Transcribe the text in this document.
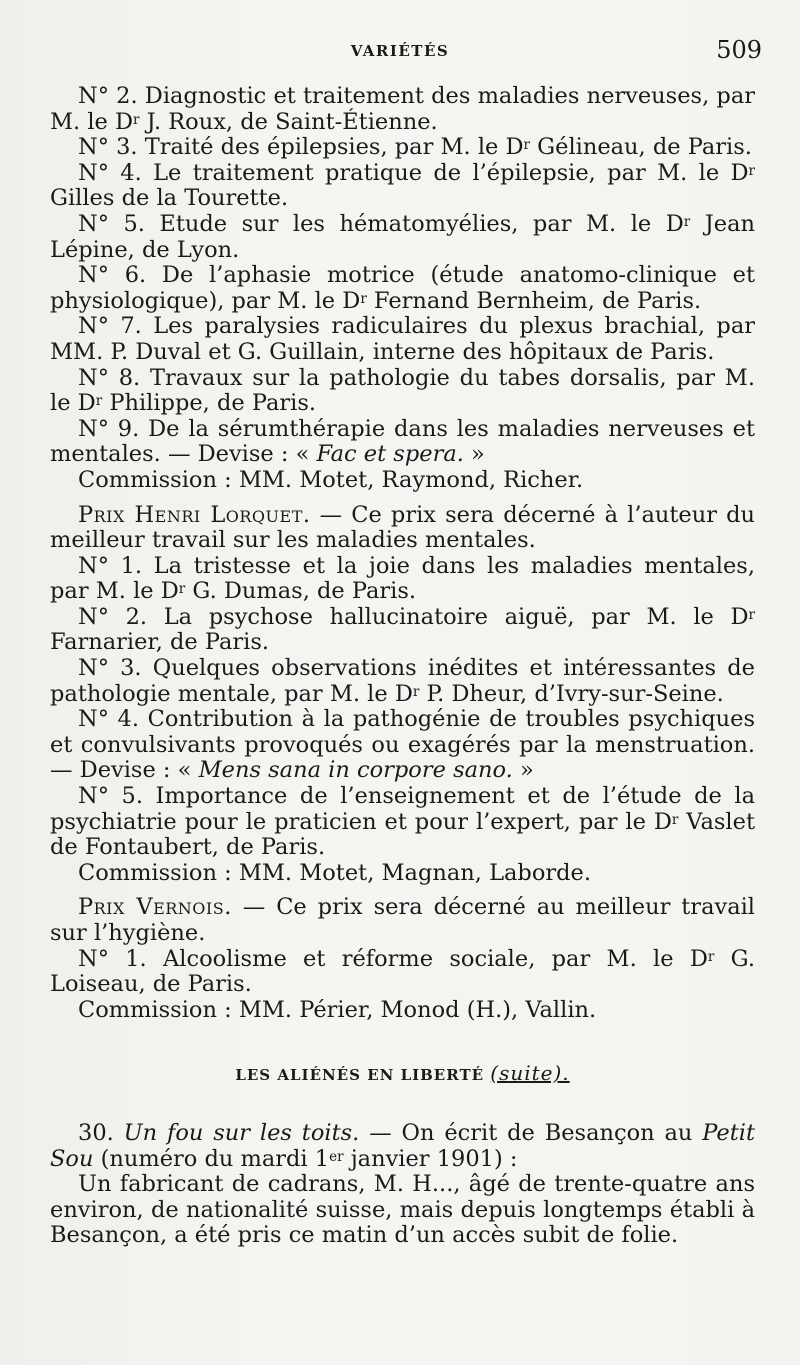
VARIÉTÉS	509

N° 2. Diagnostic et traitement des maladies nerveuses, par M. le $D^r$ J. Roux, de Saint-Étienne.

N° 3. Traité des épilepsies, par M. le $D^r$ Gélineau, de Paris.

N° 4. Le traitement pratique de l’épilepsie, par M. le $D^r$ Gilles de la Tourette.

N° 5. Etude sur les hématomyélies, par M. le $D^r$ Jean Lépine, de Lyon.

N° 6. De l’aphasie motrice (étude anatomo-clinique et physiologique), par M. le $D^r$ Fernand Bernheim, de Paris.

N° 7. Les paralysies radiculaires du plexus brachial, par MM. P. Duval et G. Guillain, interne des hôpitaux de Paris.

N° 8. Travaux sur la pathologie du tabes dorsalis, par M. le $D^r$ Philippe, de Paris.

N° 9. De la sérumthérapie dans les maladies nerveuses et mentales. — Devise : « Fac et spera. »

Commission : MM. Motet, Raymond, Richer.

Prix Henri Lorquet. — Ce prix sera décerné à l’auteur du meilleur travail sur les maladies mentales.

N° 1. La tristesse et la joie dans les maladies mentales, par M. le $D^r$ G. Dumas, de Paris.

N° 2. La psychose hallucinatoire aiguë, par M. le $D^r$ Farnarier, de Paris.

N° 3. Quelques observations inédites et intéressantes de pathologie mentale, par M. le $D^r$ P. Dheur, d’Ivry-sur-Seine.

N° 4. Contribution à la pathogénie de troubles psychiques et convulsivants provoqués ou exagérés par la menstruation. — Devise : « Mens sana in corpore sano. »

N° 5. Importance de l’enseignement et de l’étude de la psychiatrie pour le praticien et pour l’expert, par le $D^r$ Vaslet de Fontaubert, de Paris.

Commission : MM. Motet, Magnan, Laborde.

Prix Vernois. — Ce prix sera décerné au meilleur travail sur l’hygiène.

N° 1. Alcoolisme et réforme sociale, par M. le $D^r$ G. Loiseau, de Paris.

Commission : MM. Périer, Monod (H.), Vallin.

LES ALIÉNÉS EN LIBERTÉ (suite).

30. Un fou sur les toits. — On écrit de Besançon au Petit Sou (numéro du mardi 1er janvier 1901) :

Un fabricant de cadrans, M. H..., âgé de trente-quatre ans environ, de nationalité suisse, mais depuis longtemps établi à Besançon, a été pris ce matin d’un accès subit de folie.
